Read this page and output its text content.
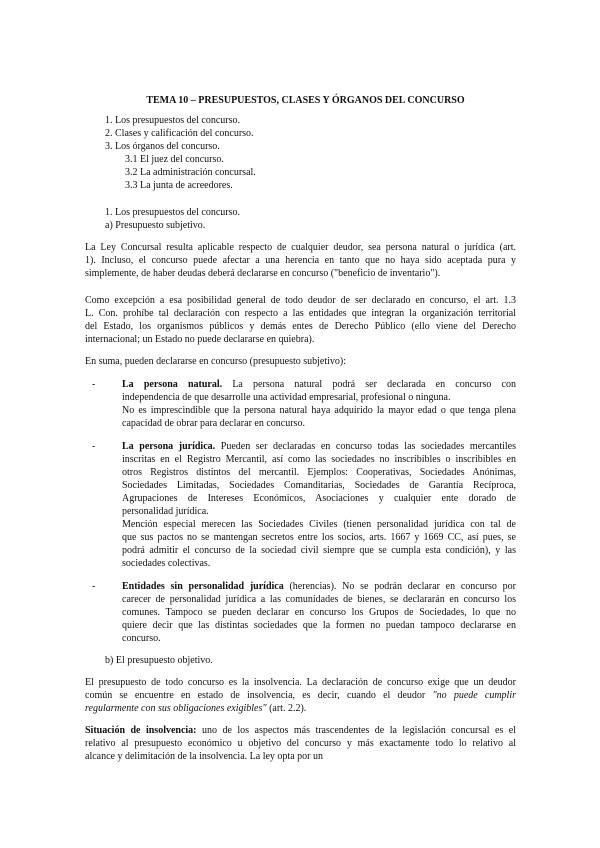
TEMA 10 – PRESUPUESTOS, CLASES Y ÓRGANOS DEL CONCURSO
1. Los presupuestos del concurso.
2. Clases y calificación del concurso.
3. Los órganos del concurso.
3.1 El juez del concurso.
3.2 La administración concursal.
3.3 La junta de acreedores.
1. Los presupuestos del concurso.
a) Presupuesto subjetivo.
La Ley Concursal resulta aplicable respecto de cualquier deudor, sea persona natural o jurídica (art.
1). Incluso, el concurso puede afectar a una herencia en tanto que no haya sido aceptada pura y
simplemente, de haber deudas deberá declararse en concurso ("beneficio de inventario").
Como excepción a esa posibilidad general de todo deudor de ser declarado en concurso, el art. 1.3
L. Con. prohíbe tal declaración con respecto a las entidades que integran la organización territorial
del Estado, los organismos públicos y demás entes de Derecho Público (ello viene del Derecho
internacional; un Estado no puede declararse en quiebra).
En suma, pueden declararse en concurso (presupuesto subjetivo):
-	La persona natural. La persona natural podrá ser declarada en concurso con
independencia de que desarrolle una actividad empresarial, profesional o ninguna.
No es imprescindible que la persona natural haya adquirido la mayor edad o que tenga plena
capacidad de obrar para declarar en concurso.
-	La persona jurídica. Pueden ser declaradas en concurso todas las sociedades mercantiles
inscritas en el Registro Mercantil, así como las sociedades no inscribibles o inscribibles en
otros Registros distintos del mercantil. Ejemplos: Cooperativas, Sociedades Anónimas,
Sociedades Limitadas, Sociedades Comanditarias, Sociedades de Garantía Recíproca,
Agrupaciones de Intereses Económicos, Asociaciones y cualquier ente dorado de
personalidad jurídica.
Mención especial merecen las Sociedades Civiles (tienen personalidad jurídica con tal de
que sus pactos no se mantengan secretos entre los socios, arts. 1667 y 1669 CC, así pues, se
podrá admitir el concurso de la sociedad civil siempre que se cumpla esta condición), y las
sociedades colectivas.
-	Entidades sin personalidad jurídica (herencias). No se podrán declarar en concurso por
carecer de personalidad jurídica a las comunidades de bienes, se declararán en concurso los
comunes. Tampoco se pueden declarar en concurso los Grupos de Sociedades, lo que no
quiere decir que las distintas sociedades que la formen no puedan tampoco declararse en
concurso.
b) El presupuesto objetivo.
El presupuesto de todo concurso es la insolvencia. La declaración de concurso exige que un deudor
común se encuentre en estado de insolvencia, es decir, cuando el deudor "no puede cumplir
regularmente con sus obligaciones exigibles" (art. 2.2).
Situación de insolvencia: uno de los aspectos más trascendentes de la legislación concursal es el
relativo al presupuesto económico u objetivo del concurso y más exactamente todo lo relativo al
alcance y delimitación de la insolvencia. La ley opta por un
